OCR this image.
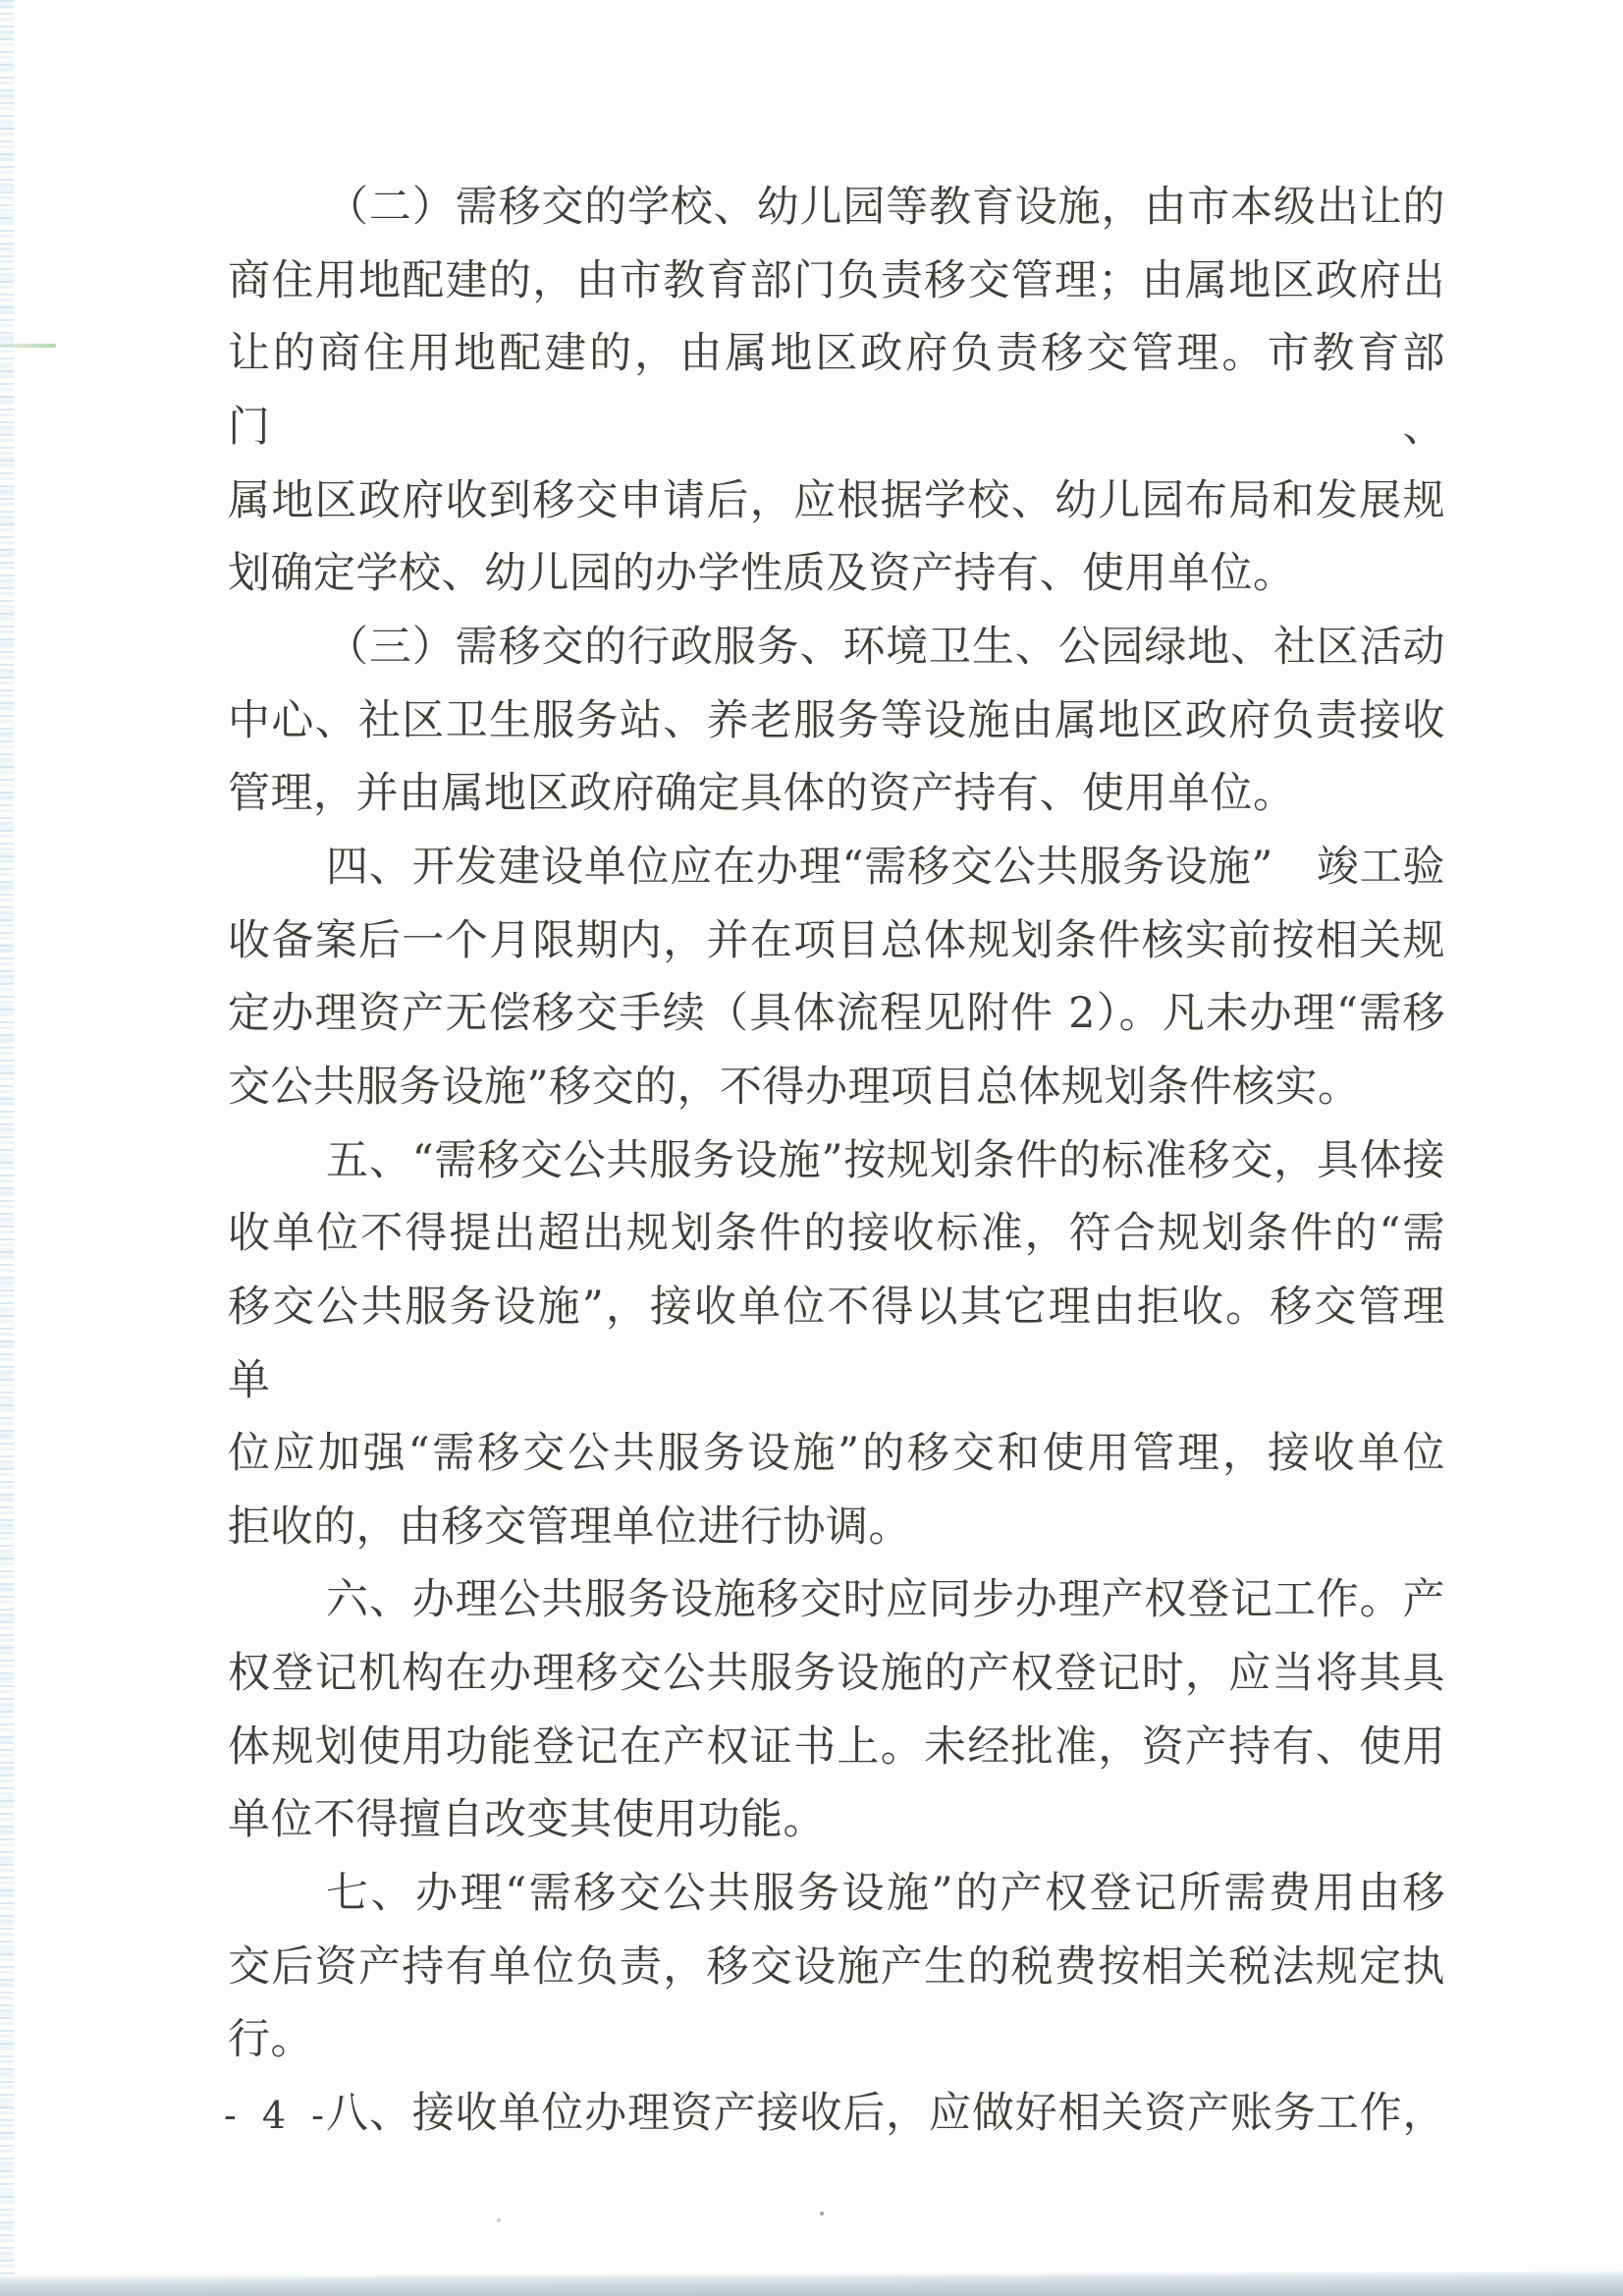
（二）需移交的学校、幼儿园等教育设施，由市本级出让的
商住用地配建的，由市教育部门负责移交管理；由属地区政府出
让的商住用地配建的，由属地区政府负责移交管理。市教育部门、
属地区政府收到移交申请后，应根据学校、幼儿园布局和发展规
划确定学校、幼儿园的办学性质及资产持有、使用单位。
（三）需移交的行政服务、环境卫生、公园绿地、社区活动
中心、社区卫生服务站、养老服务等设施由属地区政府负责接收
管理，并由属地区政府确定具体的资产持有、使用单位。
四、开发建设单位应在办理“需移交公共服务设施”　竣工验
收备案后一个月限期内，并在项目总体规划条件核实前按相关规
定办理资产无偿移交手续（具体流程见附件 2）。凡未办理“需移
交公共服务设施”移交的，不得办理项目总体规划条件核实。
五、“需移交公共服务设施”按规划条件的标准移交，具体接
收单位不得提出超出规划条件的接收标准，符合规划条件的“需
移交公共服务设施”，接收单位不得以其它理由拒收。移交管理单
位应加强“需移交公共服务设施”的移交和使用管理，接收单位
拒收的，由移交管理单位进行协调。
六、办理公共服务设施移交时应同步办理产权登记工作。产
权登记机构在办理移交公共服务设施的产权登记时，应当将其具
体规划使用功能登记在产权证书上。未经批准，资产持有、使用
单位不得擅自改变其使用功能。
七、办理“需移交公共服务设施”的产权登记所需费用由移
交后资产持有单位负责，移交设施产生的税费按相关税法规定执
行。
八、接收单位办理资产接收后，应做好相关资产账务工作，
- 4 -
